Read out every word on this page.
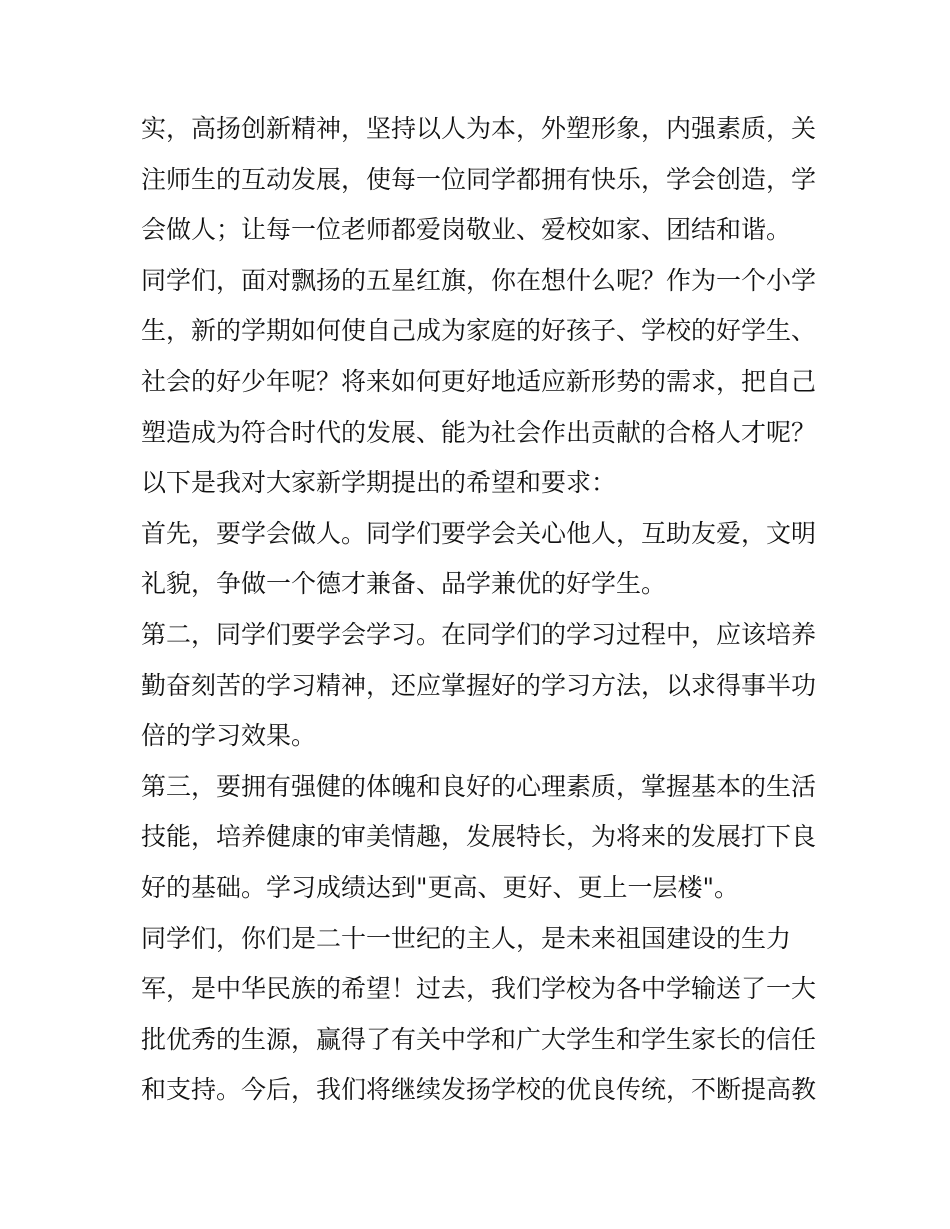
实，高扬创新精神，坚持以人为本，外塑形象，内强素质，关
注师生的互动发展，使每一位同学都拥有快乐，学会创造，学
会做人；让每一位老师都爱岗敬业、爱校如家、团结和谐。
同学们，面对飘扬的五星红旗，你在想什么呢？作为一个小学
生，新的学期如何使自己成为家庭的好孩子、学校的好学生、
社会的好少年呢？将来如何更好地适应新形势的需求，把自己
塑造成为符合时代的发展、能为社会作出贡献的合格人才呢？
以下是我对大家新学期提出的希望和要求：
首先，要学会做人。同学们要学会关心他人，互助友爱，文明
礼貌，争做一个德才兼备、品学兼优的好学生。
第二，同学们要学会学习。在同学们的学习过程中，应该培养
勤奋刻苦的学习精神，还应掌握好的学习方法，以求得事半功
倍的学习效果。
第三，要拥有强健的体魄和良好的心理素质，掌握基本的生活
技能，培养健康的审美情趣，发展特长，为将来的发展打下良
好的基础。学习成绩达到"更高、更好、更上一层楼"。
同学们，你们是二十一世纪的主人，是未来祖国建设的生力
军，是中华民族的希望！过去，我们学校为各中学输送了一大
批优秀的生源，赢得了有关中学和广大学生和学生家长的信任
和支持。今后，我们将继续发扬学校的优良传统，不断提高教
